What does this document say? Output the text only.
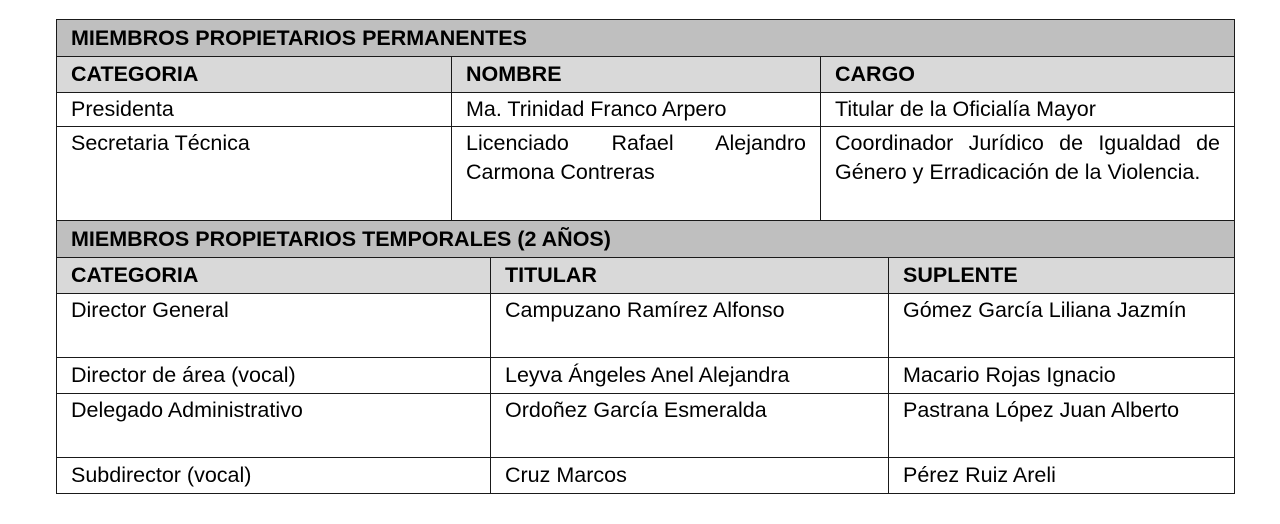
MIEMBROS PROPIETARIOS PERMANENTES				
CATEGORIA	NOMBRE		CARGO	
Presidenta	Ma. Trinidad Franco Arpero		Titular de la Oficialía Mayor	
Secretaria Técnica	Licenciado Rafael Alejandro Carmona Contreras		Coordinador Jurídico de Igualdad de Género y Erradicación de la Violencia.	
MIEMBROS PROPIETARIOS TEMPORALES (2 AÑOS)				
CATEGORIA		TITULAR		SUPLENTE
Director General		Campuzano Ramírez Alfonso		Gómez García Liliana Jazmín
Director de área (vocal)		Leyva Ángeles Anel Alejandra		Macario Rojas Ignacio
Delegado Administrativo		Ordoñez García Esmeralda		Pastrana López Juan Alberto
Subdirector (vocal)		Cruz Marcos		Pérez Ruiz Areli
